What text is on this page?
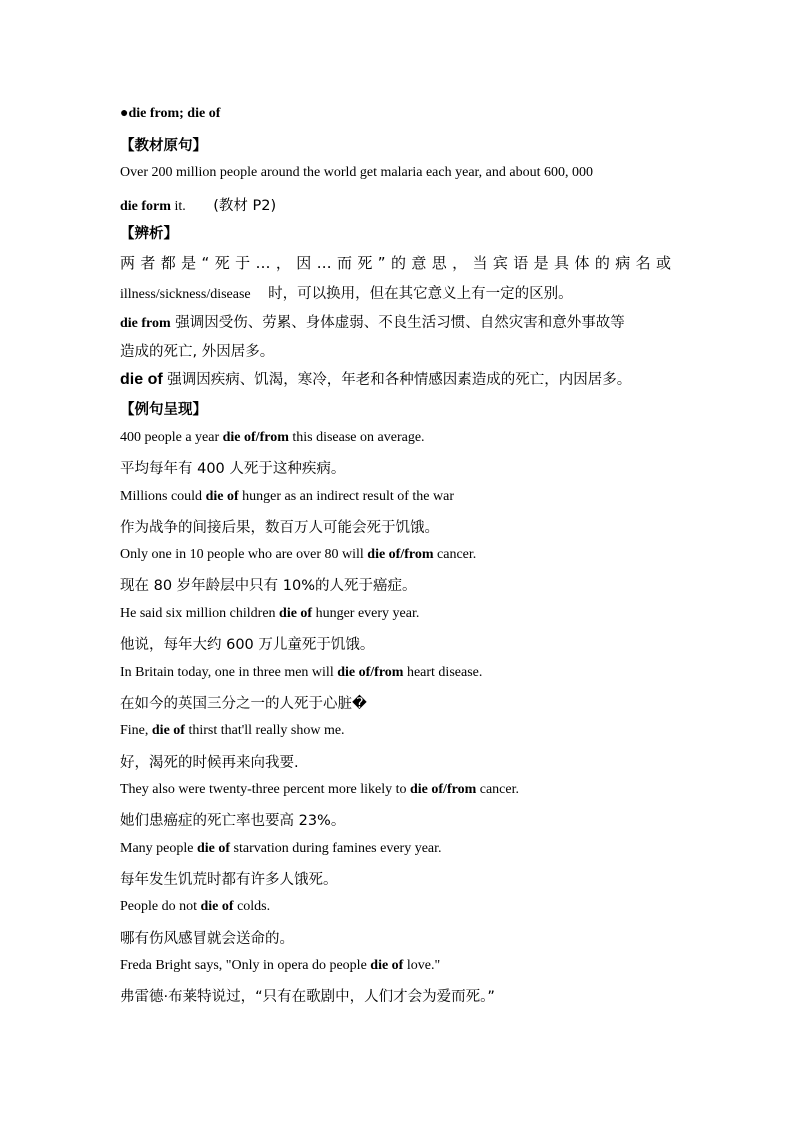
●die from; die of
【教材原句】
Over 200 million people around the world get malaria each year, and about 600, 000
die form it. (教材 P2)
【辨析】
两者都是“死于…，因…而死”的意思，当宾语是具体的病名或
illness/sickness/disease 时，可以换用，但在其它意义上有一定的区别。
die from 强调因受伤、劳累、身体虚弱、不良生活习惯、自然灾害和意外事故等
造成的死亡, 外因居多。
die of 强调因疾病、饥渴，寒冷，年老和各种情感因素造成的死亡，内因居多。
【例句呈现】
400 people a year die of/from this disease on average.
平均每年有 400 人死于这种疾病。
Millions could die of hunger as an indirect result of the war
作为战争的间接后果，数百万人可能会死于饥饿。
Only one in 10 people who are over 80 will die of/from cancer.
现在 80 岁年龄层中只有 10%的人死于癌症。
He said six million children die of hunger every year.
他说，每年大约 600 万儿童死于饥饿。
In Britain today, one in three men will die of/from heart disease.
在如今的英国三分之一的人死于心脏�
Fine, die of thirst that'll really show me.
好，渴死的时候再来向我要.
They also were twenty-three percent more likely to die of/from cancer.
她们患癌症的死亡率也要高 23%。
Many people die of starvation during famines every year.
每年发生饥荒时都有许多人饿死。
People do not die of colds.
哪有伤风感冒就会送命的。
Freda Bright says, "Only in opera do people die of love."
弗雷德·布莱特说过，“只有在歌剧中，人们才会为爱而死。”
